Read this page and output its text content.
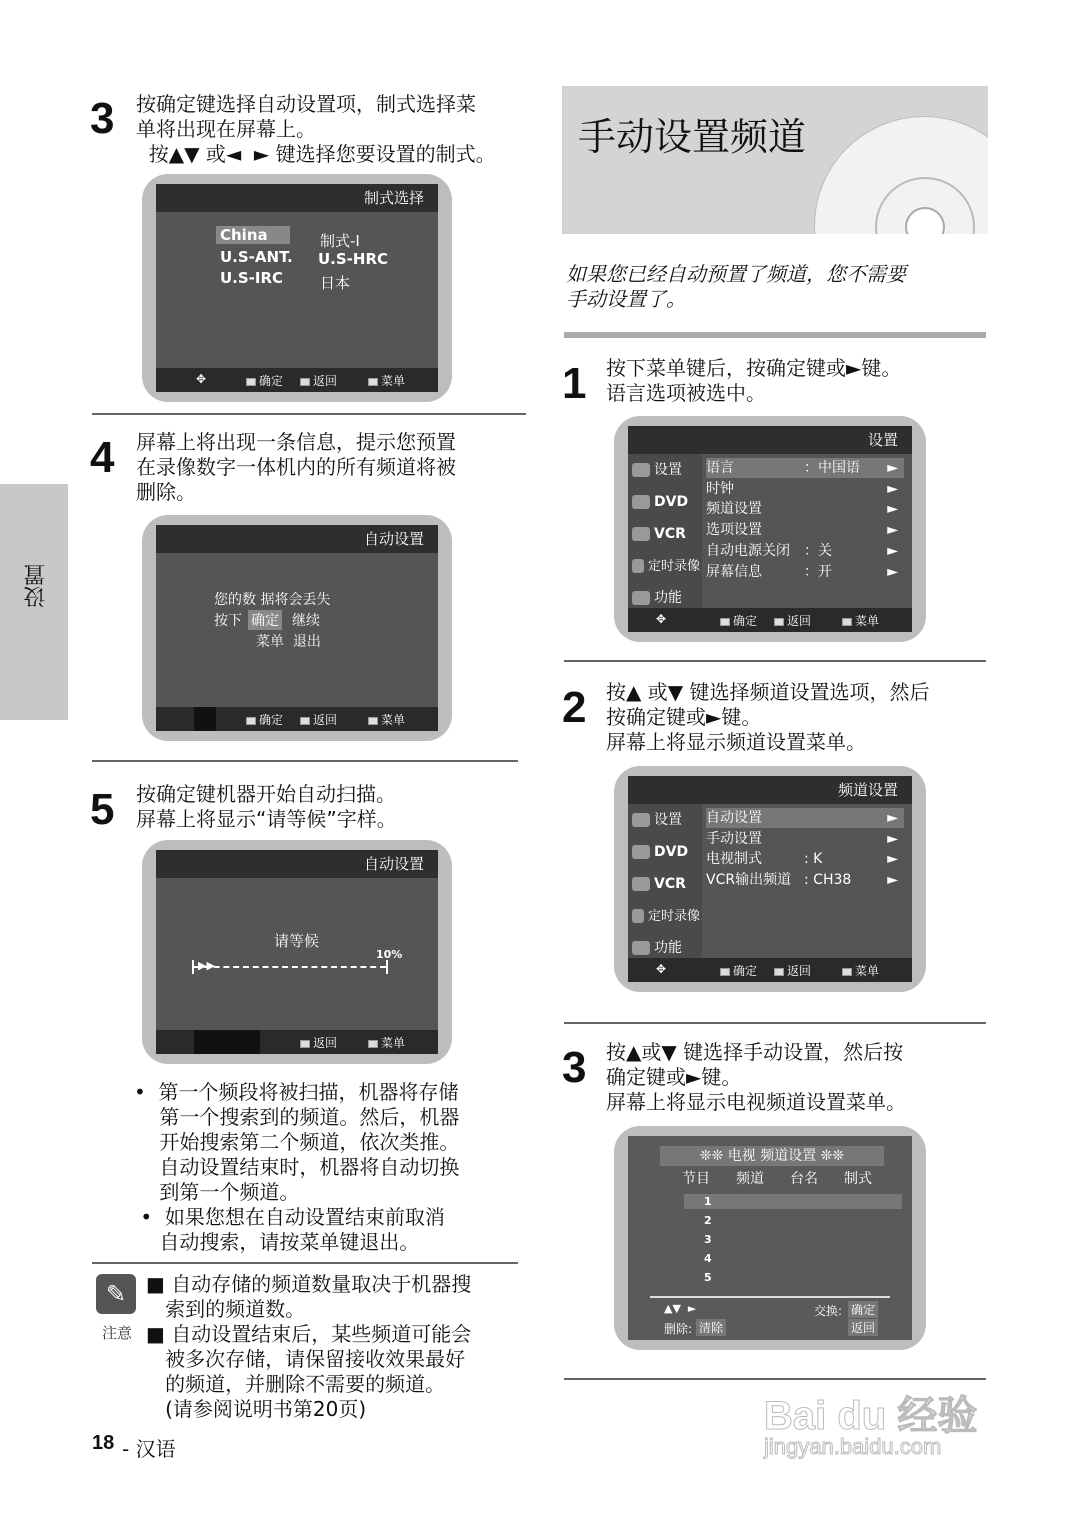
设置
3 按确定键选择自动设置项，制式选择菜
单将出现在屏幕上。
按▲▼ 或◄  ► 键选择您要设置的制式。
制式选择
China
U.S-ANT.
U.S-IRC
制式-I
U.S-HRC
日本
✥	确定	返回	菜单
4 屏幕上将出现一条信息，提示您预置
在录像数字一体机内的所有频道将被
删除。
自动设置
您的数 据将会丢失
按下 确定 继续
菜单  退出
确定	返回	菜单
5 按确定键机器开始自动扫描。
屏幕上将显示“请等候”字样。
自动设置
请等候
10%
▶▶
返回	菜单
•  第一个频段将被扫描，机器将存储
第一个搜索到的频道。然后，机器
开始搜索第二个频道，依次类推。
自动设置结束时，机器将自动切换
到第一个频道。
•  如果您想在自动设置结束前取消
自动搜索，请按菜单键退出。
✎
注意
■ 自动存储的频道数量取决于机器搜
索到的频道数。
■ 自动设置结束后，某些频道可能会
被多次存储，请保留接收效果最好
的频道，并删除不需要的频道。
(请参阅说明书第20页)
18 - 汉语
手动设置频道
如果您已经自动预置了频道，您不需要
手动设置了。
1 按下菜单键后，按确定键或►键。
语言选项被选中。
设置
设置
DVD
VCR
定时录像
功能
✥	确定	返回	菜单
语言	：中国语 ►
时钟	►
频道设置	►
选项设置	►
自动电源关闭 ：关	►
屏幕信息	：开	►
2 按▲ 或▼ 键选择频道设置选项，然后
按确定键或►键。
屏幕上将显示频道设置菜单。
频道设置
设置
DVD
VCR
定时录像
功能
✥	确定	返回	菜单
自动设置	►
手动设置	►
电视制式	: K	►
VCR输出频道 : CH38	►
3 按▲或▼ 键选择手动设置，然后按
确定键或►键。
屏幕上将显示电视频道设置菜单。
❊❊ 电视 频道设置 ❊❊
节目 频道 台名 制式
▲▼  ►	交换: 确定
删除: 清除	返回
1
2
3
4
5
Bai du 经验
jingyan.baidu.com
